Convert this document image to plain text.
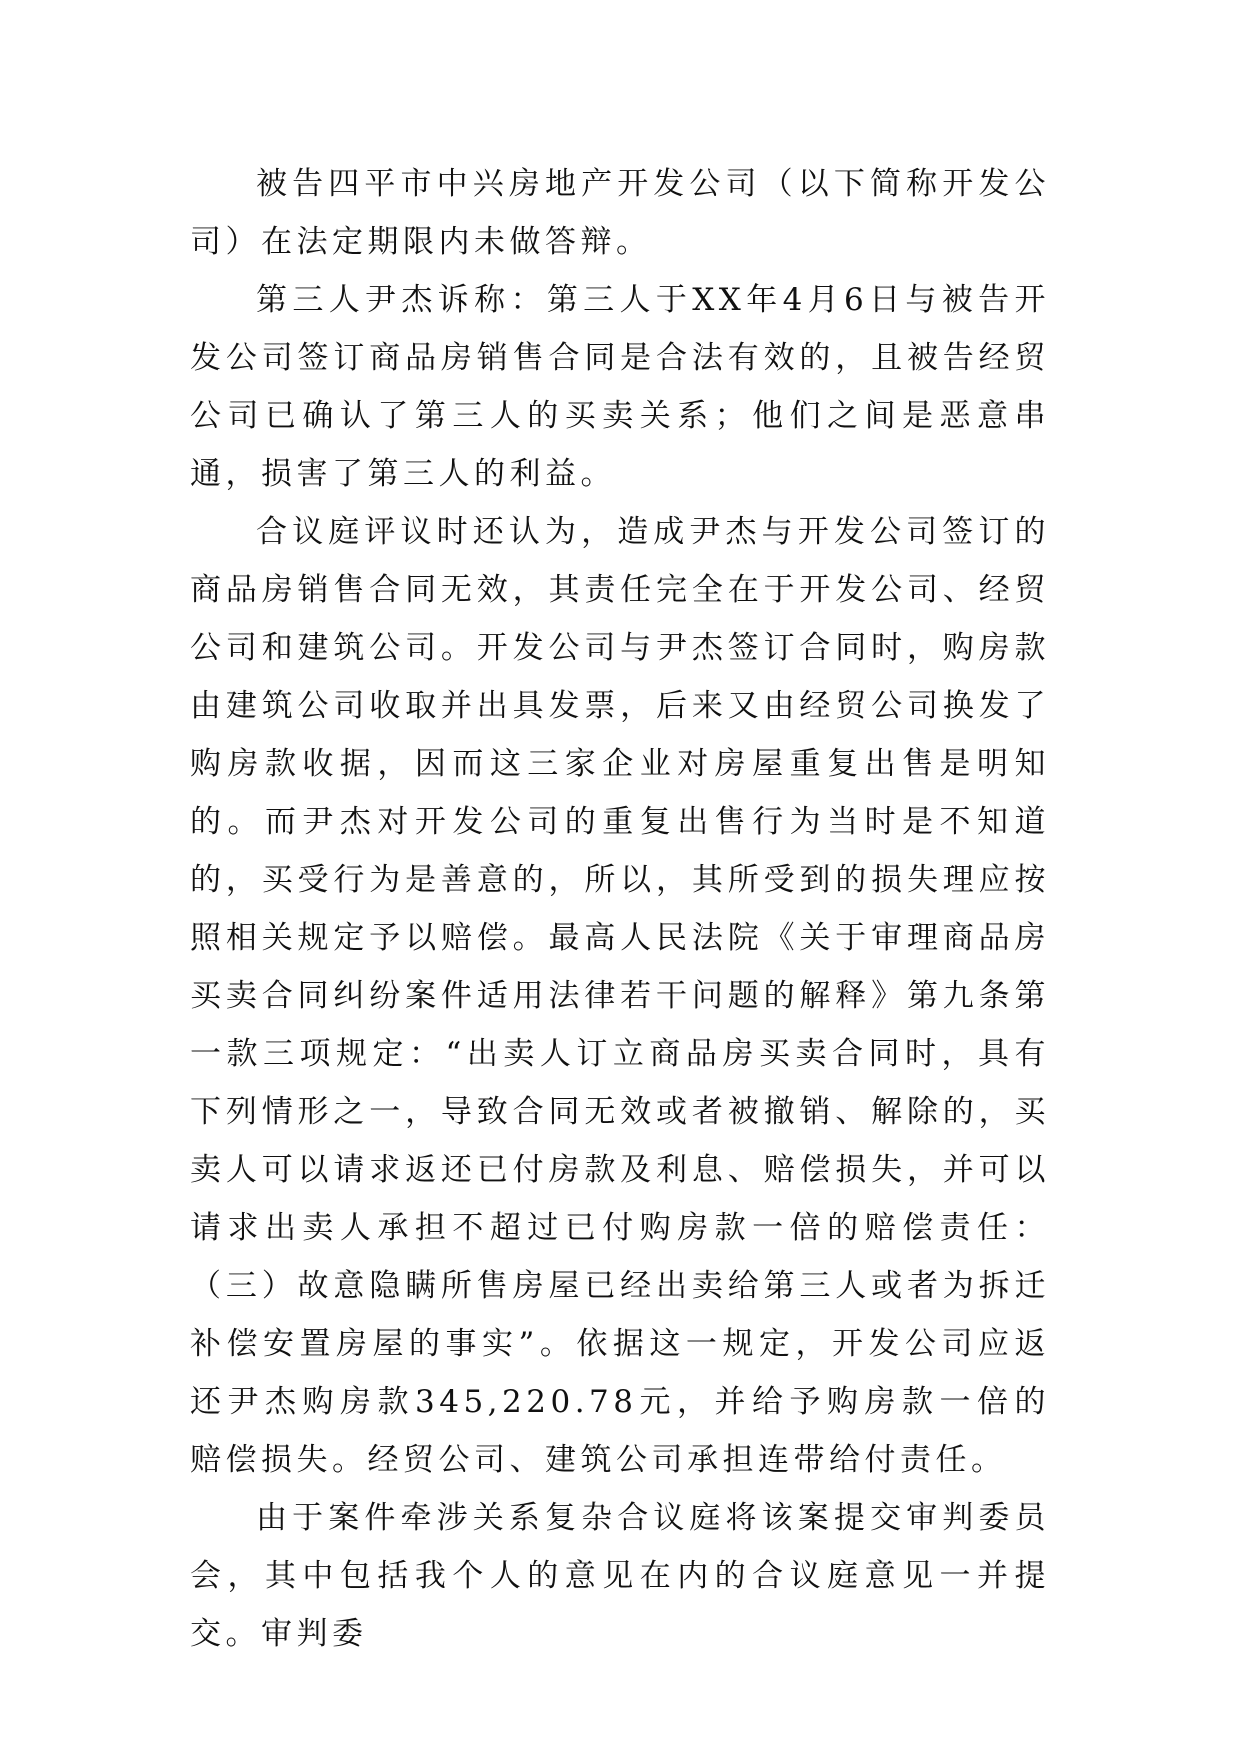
被告四平市中兴房地产开发公司（以下简称开发公司）在法定期限内未做答辩。

第三人尹杰诉称：第三人于XX年4月6日与被告开发公司签订商品房销售合同是合法有效的，且被告经贸公司已确认了第三人的买卖关系；他们之间是恶意串通，损害了第三人的利益。

合议庭评议时还认为，造成尹杰与开发公司签订的商品房销售合同无效，其责任完全在于开发公司、经贸公司和建筑公司。开发公司与尹杰签订合同时，购房款由建筑公司收取并出具发票，后来又由经贸公司换发了购房款收据，因而这三家企业对房屋重复出售是明知的。而尹杰对开发公司的重复出售行为当时是不知道的，买受行为是善意的，所以，其所受到的损失理应按照相关规定予以赔偿。最高人民法院《关于审理商品房买卖合同纠纷案件适用法律若干问题的解释》第九条第一款三项规定：“出卖人订立商品房买卖合同时，具有下列情形之一，导致合同无效或者被撤销、解除的，买卖人可以请求返还已付房款及利息、赔偿损失，并可以请求出卖人承担不超过已付购房款一倍的赔偿责任：（三）故意隐瞒所售房屋已经出卖给第三人或者为拆迁补偿安置房屋的事实”。依据这一规定，开发公司应返还尹杰购房款345,220.78元，并给予购房款一倍的赔偿损失。经贸公司、建筑公司承担连带给付责任。

由于案件牵涉关系复杂合议庭将该案提交审判委员会，其中包括我个人的意见在内的合议庭意见一并提交。审判委
